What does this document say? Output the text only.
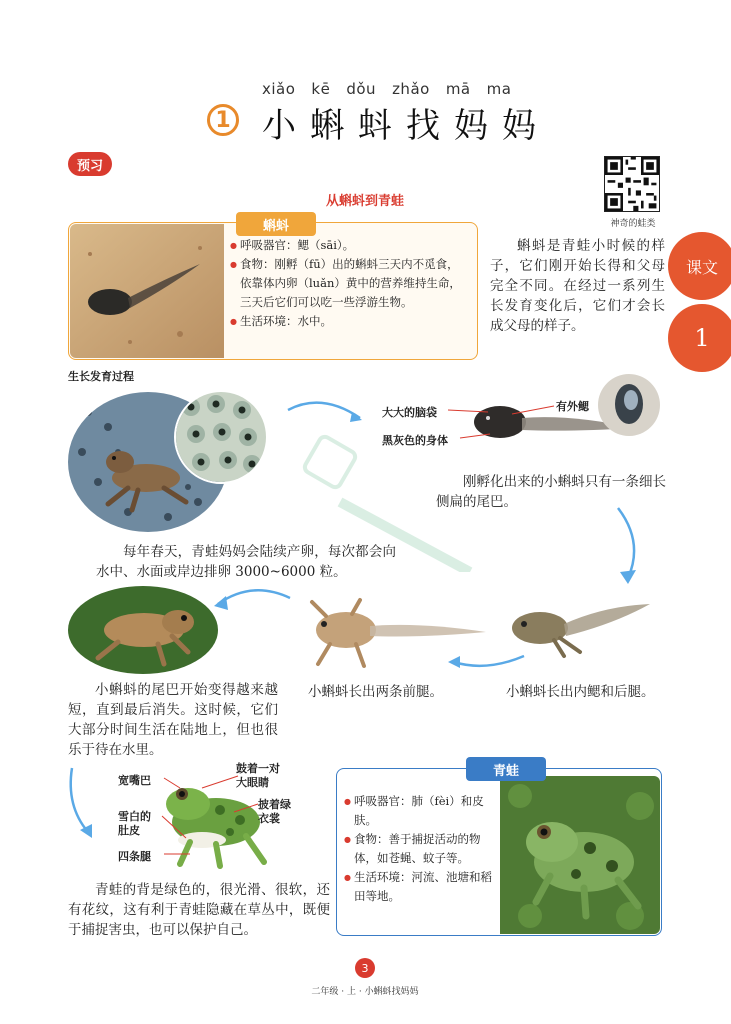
xiǎo kē dǒu zhǎo mā ma
1 小蝌蚪找妈妈
预习
神奇的蛙类
从蝌蚪到青蛙
蝌蚪
● 呼吸器官：鳃（sāi）。
● 食物：刚孵（fū）出的蝌蚪三天内不觅食，依靠体内卵（luǎn）黄中的营养维持生命，三天后它们可以吃一些浮游生物。
● 生活环境：水中。
蝌蚪是青蛙小时候的样子，它们刚开始长得和父母完全不同。在经过一系列生长发育变化后，它们才会长成父母的样子。
课文
1
生长发育过程
大大的脑袋
黑灰色的身体
有外鳃
刚孵化出来的小蝌蚪只有一条细长侧扁的尾巴。
每年春天，青蛙妈妈会陆续产卵，每次都会向水中、水面或岸边排卵 3000~6000 粒。
小蝌蚪长出两条前腿。	小蝌蚪长出内鳃和后腿。
小蝌蚪的尾巴开始变得越来越短，直到最后消失。这时候，它们大部分时间生活在陆地上，但也很乐于待在水里。
宽嘴巴
鼓着一对大眼睛
披着绿衣裳
雪白的肚皮
四条腿
青蛙
● 呼吸器官：肺（fèi）和皮肤。
● 食物：善于捕捉活动的物体，如苍蝇、蚊子等。
● 生活环境：河流、池塘和稻田等地。
青蛙的背是绿色的，很光滑、很软，还有花纹，这有利于青蛙隐藏在草丛中，既便于捕捉害虫，也可以保护自己。
3
二年级 · 上 · 小蝌蚪找妈妈
